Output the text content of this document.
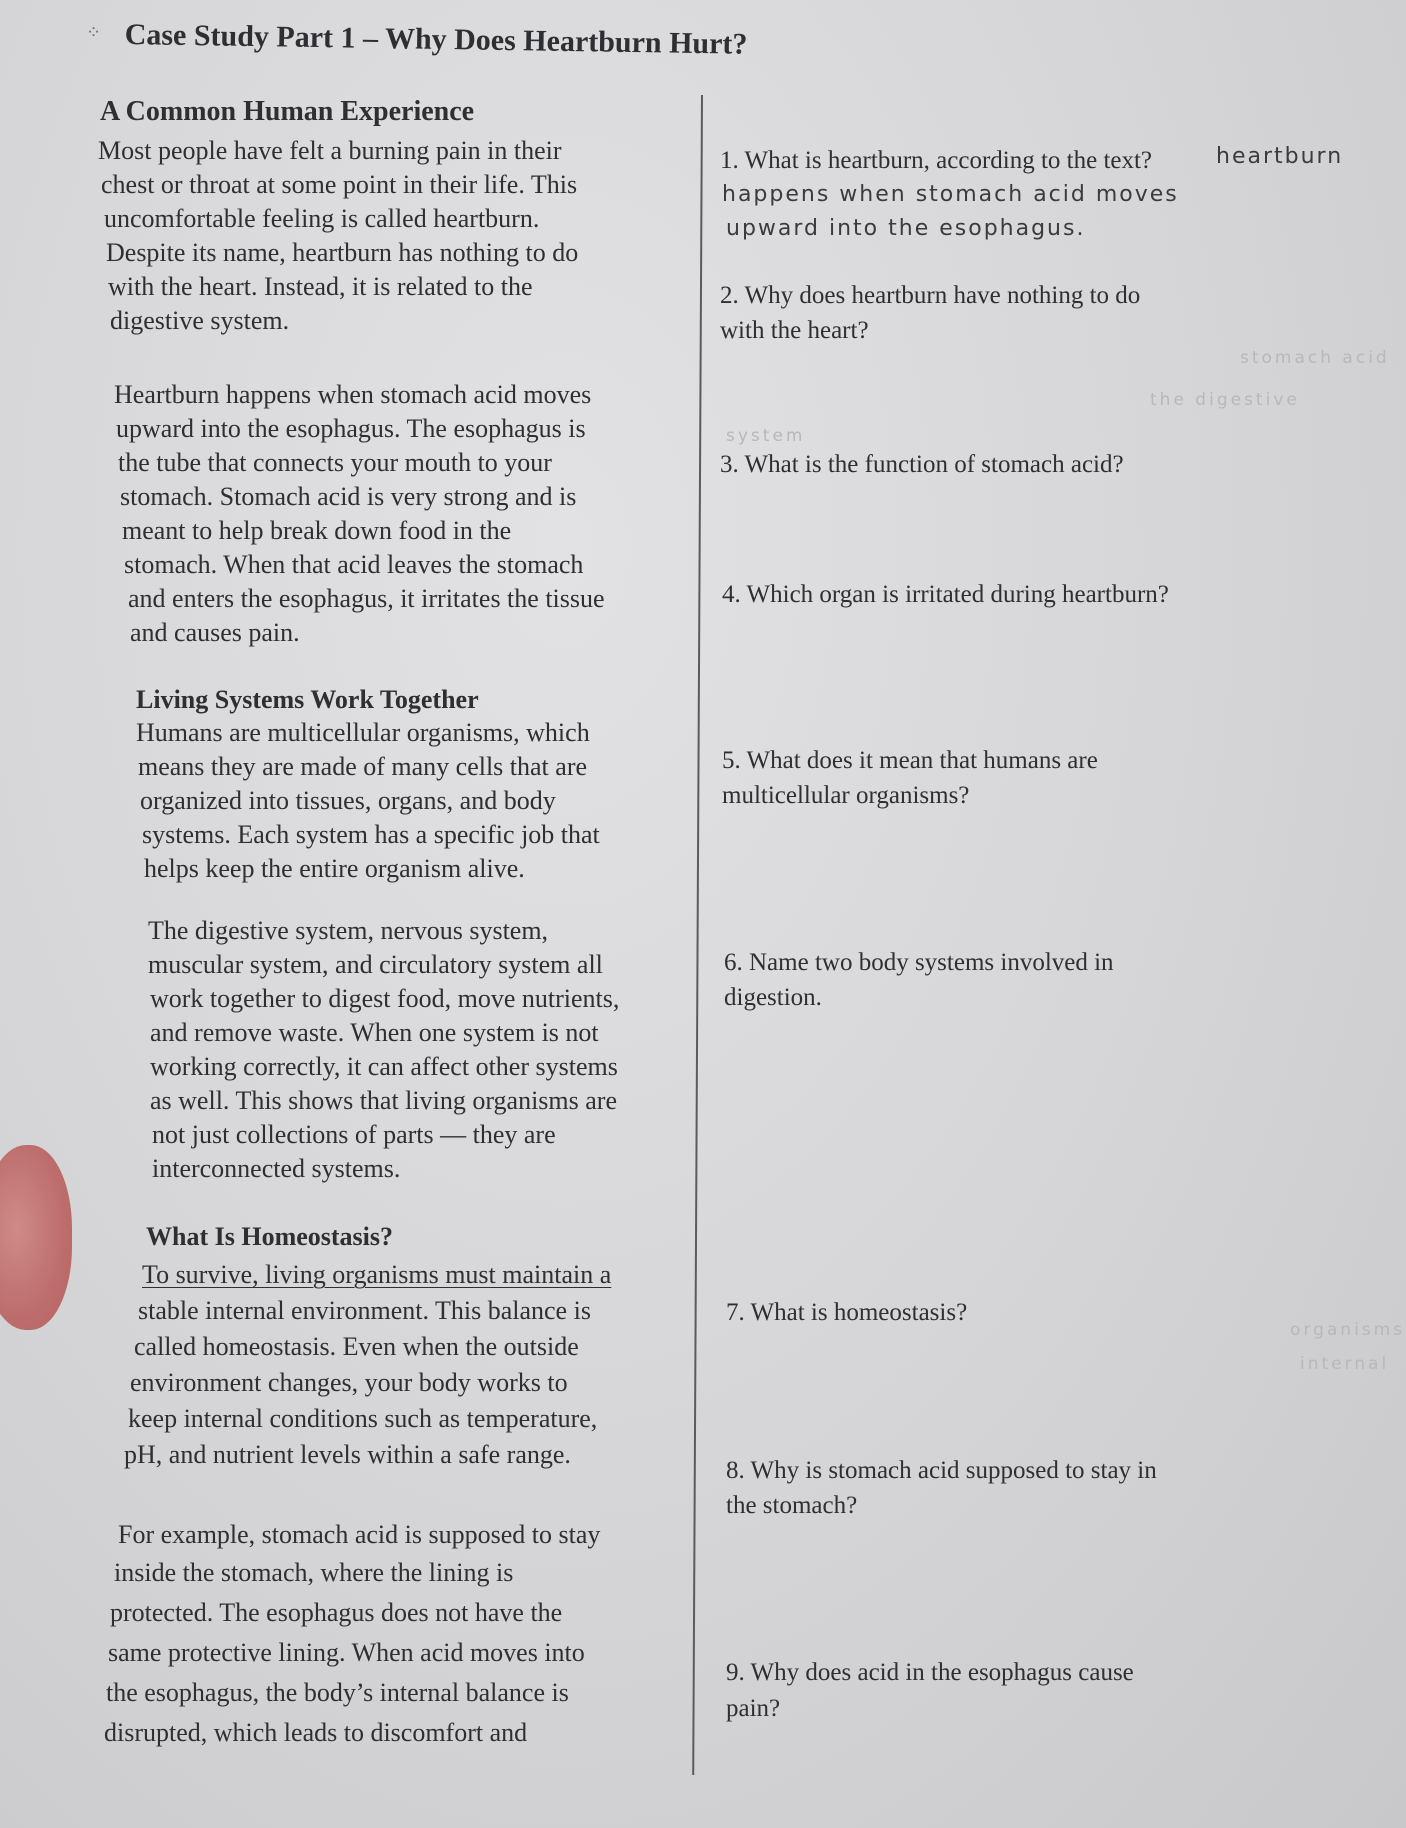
⁘ Case Study Part 1 – Why Does Heartburn Hurt?
A Common Human Experience
Most people have felt a burning pain in their
chest or throat at some point in their life. This
uncomfortable feeling is called heartburn.
Despite its name, heartburn has nothing to do
with the heart. Instead, it is related to the
digestive system.
Heartburn happens when stomach acid moves
upward into the esophagus. The esophagus is
the tube that connects your mouth to your
stomach. Stomach acid is very strong and is
meant to help break down food in the
stomach. When that acid leaves the stomach
and enters the esophagus, it irritates the tissue
and causes pain.
Living Systems Work Together
Humans are multicellular organisms, which
means they are made of many cells that are
organized into tissues, organs, and body
systems. Each system has a specific job that
helps keep the entire organism alive.
The digestive system, nervous system,
muscular system, and circulatory system all
work together to digest food, move nutrients,
and remove waste. When one system is not
working correctly, it can affect other systems
as well. This shows that living organisms are
not just collections of parts — they are
interconnected systems.
What Is Homeostasis?
To survive, living organisms must maintain a
stable internal environment. This balance is
called homeostasis. Even when the outside
environment changes, your body works to
keep internal conditions such as temperature,
pH, and nutrient levels within a safe range.
For example, stomach acid is supposed to stay
inside the stomach, where the lining is
protected. The esophagus does not have the
same protective lining. When acid moves into
the esophagus, the body’s internal balance is
disrupted, which leads to discomfort and
1. What is heartburn, according to the text?	heartburn
happens when stomach acid moves
upward into the esophagus.
2. Why does heartburn have nothing to do
with the heart?
stomach acid
the digestive
system
3. What is the function of stomach acid?
4. Which organ is irritated during heartburn?
5. What does it mean that humans are
multicellular organisms?
6. Name two body systems involved in
digestion.
7. What is homeostasis?
organisms
internal
8. Why is stomach acid supposed to stay in
the stomach?
9. Why does acid in the esophagus cause
pain?
